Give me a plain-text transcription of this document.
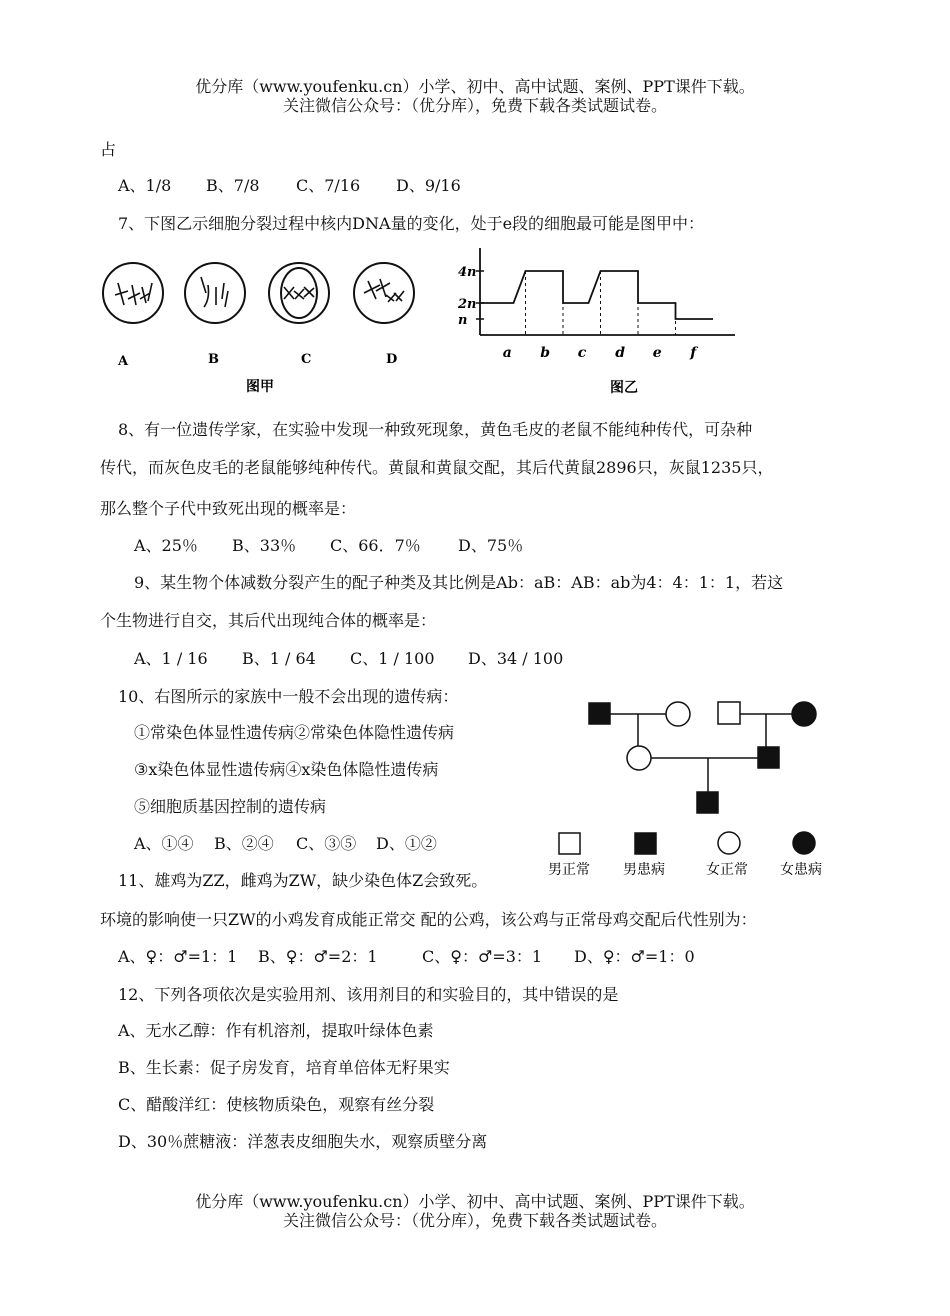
优分库（www.youfenku.cn）小学、初中、高中试题、案例、PPT课件下载。
关注微信公众号：（优分库），免费下载各类试题试卷。
占
A、1/8 B、7/8 C、7/16 D、9/16
7、下图乙示细胞分裂过程中核内DNA量的变化，处于e段的细胞最可能是图甲中：
A	B	C	D
图甲
4n
2n
n
a b c d e f
图乙
8、有一位遗传学家，在实验中发现一种致死现象，黄色毛皮的老鼠不能纯种传代，可杂种
传代，而灰色皮毛的老鼠能够纯种传代。黄鼠和黄鼠交配，其后代黄鼠2896只，灰鼠1235只，
那么整个子代中致死出现的概率是：
A、25％ B、33％ C、66．7％ D、75％
9、某生物个体减数分裂产生的配子种类及其比例是Ab：aB：AB：ab为4：4：1：1，若这
个生物进行自交，其后代出现纯合体的概率是：
A、1 / 16 B、1 / 64 C、1 / 100 D、34 / 100
10、右图所示的家族中一般不会出现的遗传病：
①常染色体显性遗传病②常染色体隐性遗传病
③x染色体显性遗传病④x染色体隐性遗传病
⑤细胞质基因控制的遗传病
A、①④ B、②④ C、③⑤ D、①②
男正常 男患病	女正常 女患病
11、雄鸡为ZZ，雌鸡为ZW，缺少染色体Z会致死。
环境的影响使一只ZW的小鸡发育成能正常交 配的公鸡，该公鸡与正常母鸡交配后代性别为：
A、♀：♂=1：1 B、♀：♂=2：1	C、♀：♂=3：1 D、♀：♂=1：0
12、下列各项依次是实验用剂、该用剂目的和实验目的，其中错误的是
A、无水乙醇：作有机溶剂，提取叶绿体色素
B、生长素：促子房发育，培育单倍体无籽果实
C、醋酸洋红：使核物质染色，观察有丝分裂
D、30％蔗糖液：洋葱表皮细胞失水，观察质壁分离
优分库（www.youfenku.cn）小学、初中、高中试题、案例、PPT课件下载。
关注微信公众号：（优分库），免费下载各类试题试卷。
